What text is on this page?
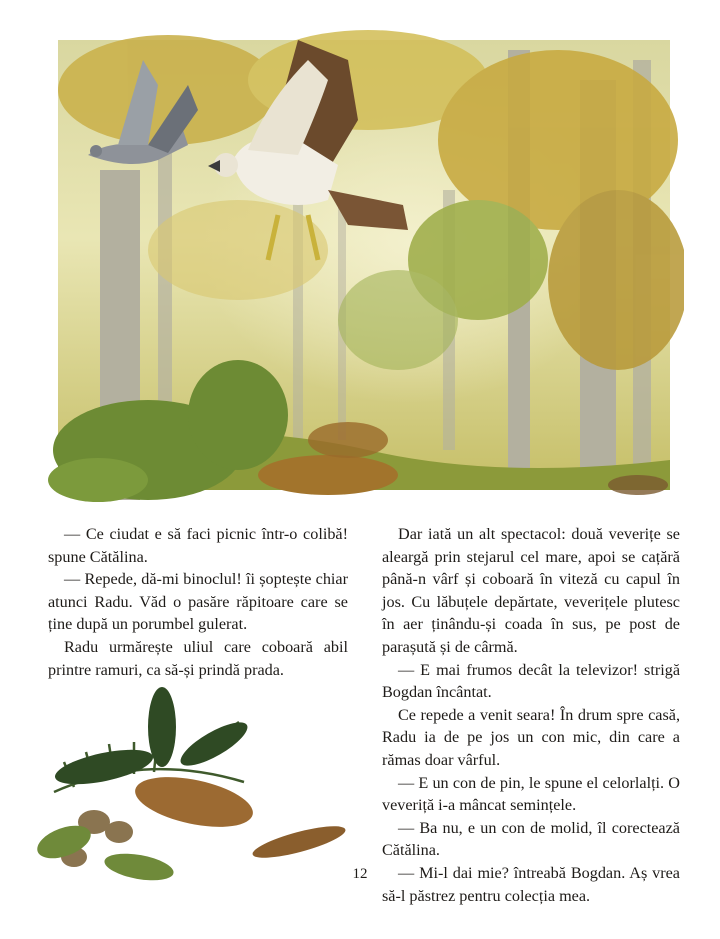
— Ce ciudat e să faci picnic într-o colibă! spune Cătălina.

— Repede, dă-mi binoclul! îi șoptește chiar atunci Radu. Văd o pasăre răpitoare care se ține după un porumbel gulerat.

Radu urmărește uliul care coboară abil printre ramuri, ca să-și prindă prada.

Dar iată un alt spectacol: două veverițe se aleargă prin stejarul cel mare, apoi se cațără până-n vârf și coboară în viteză cu capul în jos. Cu lăbuțele depărtate, veverițele plutesc în aer ținându-și coada în sus, pe post de parașută și de cârmă.

— E mai frumos decât la televizor! strigă Bogdan încântat.

Ce repede a venit seara! În drum spre casă, Radu ia de pe jos un con mic, din care a rămas doar vârful.

— E un con de pin, le spune el celorlalți. O veveriță i-a mâncat semințele.

— Ba nu, e un con de molid, îl corectează Cătălina.

— Mi-l dai mie? întreabă Bogdan. Aș vrea să-l păstrez pentru colecția mea.

12
